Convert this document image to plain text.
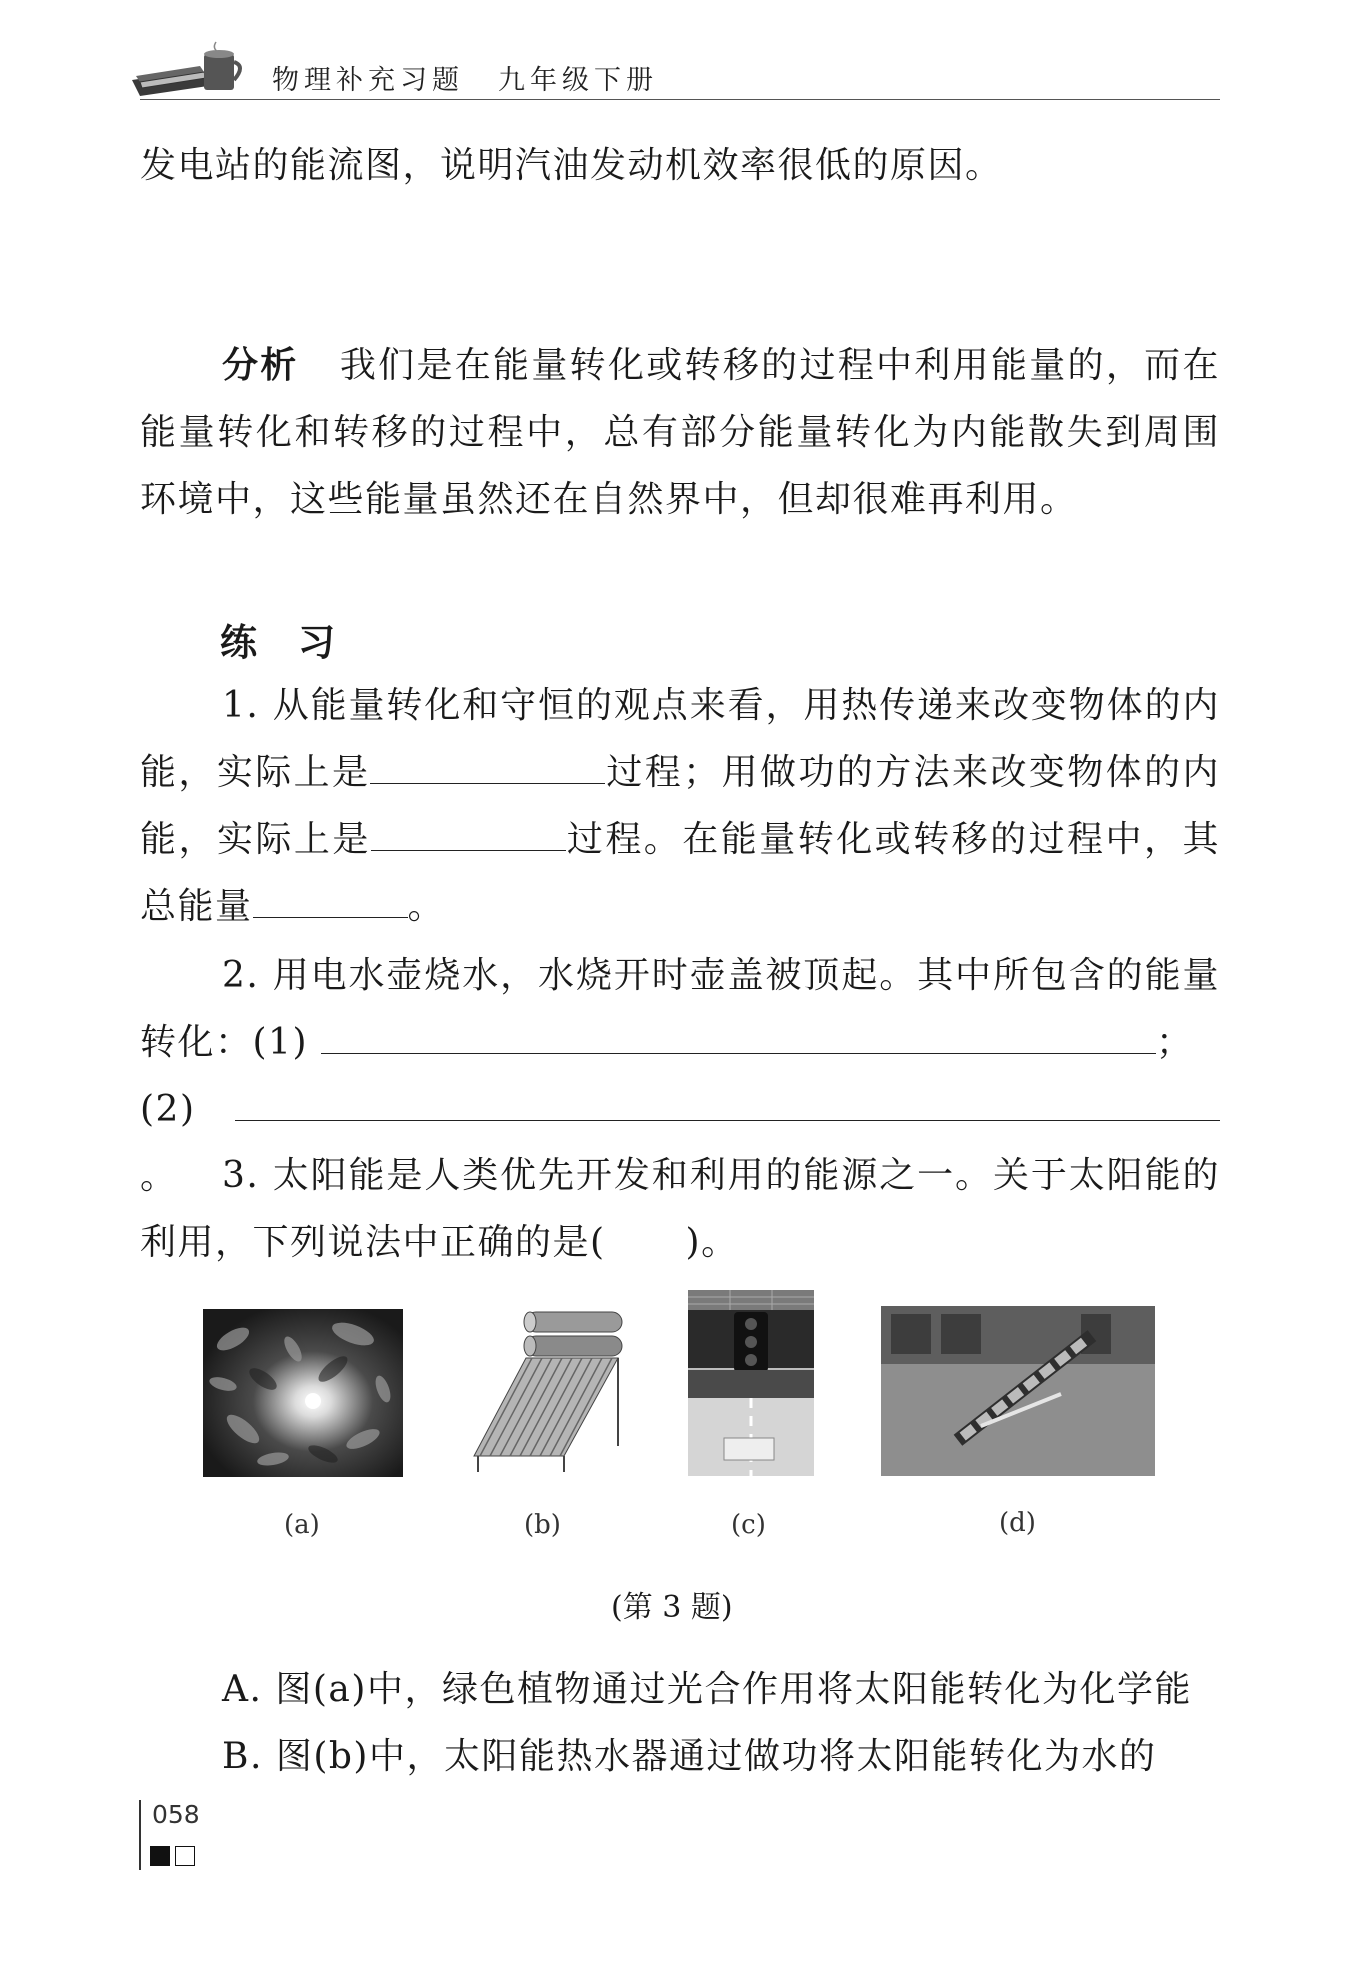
物理补充习题 九年级下册
发电站的能流图，说明汽油发动机效率很低的原因。
分析 我们是在能量转化或转移的过程中利用能量的，而在能量转化和转移的过程中，总有部分能量转化为内能散失到周围环境中，这些能量虽然还在自然界中，但却很难再利用。
练　习
1. 从能量转化和守恒的观点来看，用热传递来改变物体的内能，实际上是	过程；用做功的方法来改变物体的内能，实际上是	过程。在能量转化或转移的过程中，其总能量	。
2. 用电水壶烧水，水烧开时壶盖被顶起。其中所包含的能量转化：(1)	；
(2) 。	3. 太阳能是人类优先开发和利用的能源之一。关于太阳能的利用，下列说法中正确的是( )。
(a)	(b)	(c)	(d)
(第 3 题)
A. 图(a)中，绿色植物通过光合作用将太阳能转化为化学能
B. 图(b)中，太阳能热水器通过做功将太阳能转化为水的
058
